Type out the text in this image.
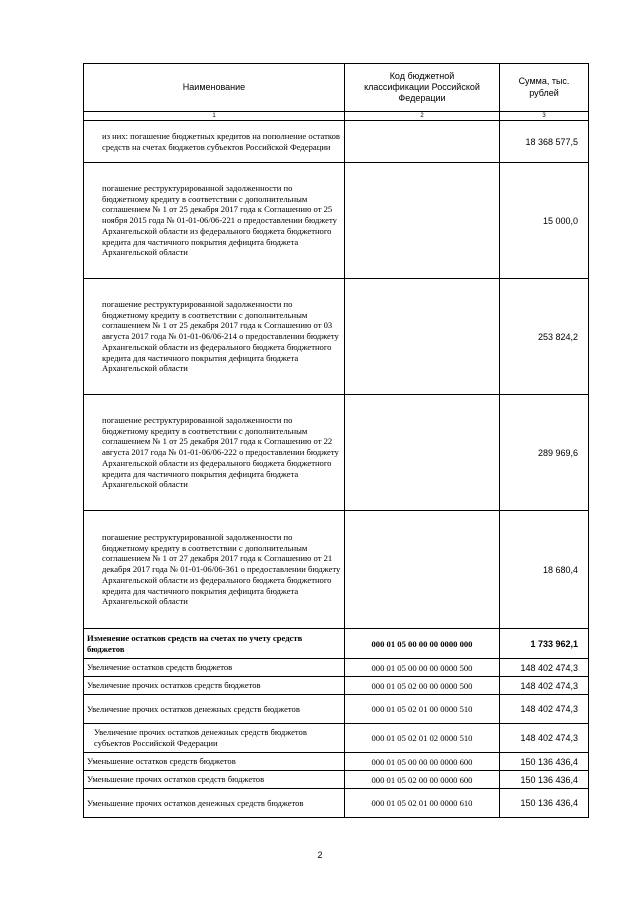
Наименование	Код бюджетной классификации Российской Федерации	Сумма, тыс. рублей
1	2	3
из них: погашение бюджетных кредитов на пополнение остатков средств на счетах бюджетов субъектов Российской Федерации		18 368 577,5
погашение реструктурированной задолженности по бюджетному кредиту в соответствии с дополнительным соглашением № 1 от 25 декабря 2017 года к Соглашению от 25 ноября 2015 года № 01-01-06/06-221 о предоставлении бюджету Архангельской области из федерального бюджета бюджетного кредита для частичного покрытия дефицита бюджета Архангельской области		15 000,0
погашение реструктурированной задолженности по бюджетному кредиту в соответствии с дополнительным соглашением № 1 от 25 декабря 2017 года к Соглашению от 03 августа 2017 года № 01-01-06/06-214 о предоставлении бюджету Архангельской области из федерального бюджета бюджетного кредита для частичного покрытия дефицита бюджета Архангельской области		253 824,2
погашение реструктурированной задолженности по бюджетному кредиту в соответствии с дополнительным соглашением № 1 от 25 декабря 2017 года к Соглашению от 22 августа 2017 года № 01-01-06/06-222 о предоставлении бюджету Архангельской области из федерального бюджета бюджетного кредита для частичного покрытия дефицита бюджета Архангельской области		289 969,6
погашение реструктурированной задолженности по бюджетному кредиту в соответствии с дополнительным соглашением № 1 от 27 декабря 2017 года к Соглашению от 21 декабря 2017 года № 01-01-06/06-361 о предоставлении бюджету Архангельской области из федерального бюджета бюджетного кредита для частичного покрытия дефицита бюджета Архангельской области		18 680,4
Изменение остатков средств на счетах по учету средств бюджетов	000 01 05 00 00 00 0000 000	1 733 962,1
Увеличение остатков средств бюджетов	000 01 05 00 00 00 0000 500	148 402 474,3
Увеличение прочих остатков средств бюджетов	000 01 05 02 00 00 0000 500	148 402 474,3
Увеличение прочих остатков денежных средств бюджетов	000 01 05 02 01 00 0000 510	148 402 474,3
Увеличение прочих остатков денежных средств бюджетов субъектов Российской Федерации	000 01 05 02 01 02 0000 510	148 402 474,3
Уменьшение остатков средств бюджетов	000 01 05 00 00 00 0000 600	150 136 436,4
Уменьшение прочих остатков средств бюджетов	000 01 05 02 00 00 0000 600	150 136 436,4
Уменьшение прочих остатков денежных средств бюджетов	000 01 05 02 01 00 0000 610	150 136 436,4
2
